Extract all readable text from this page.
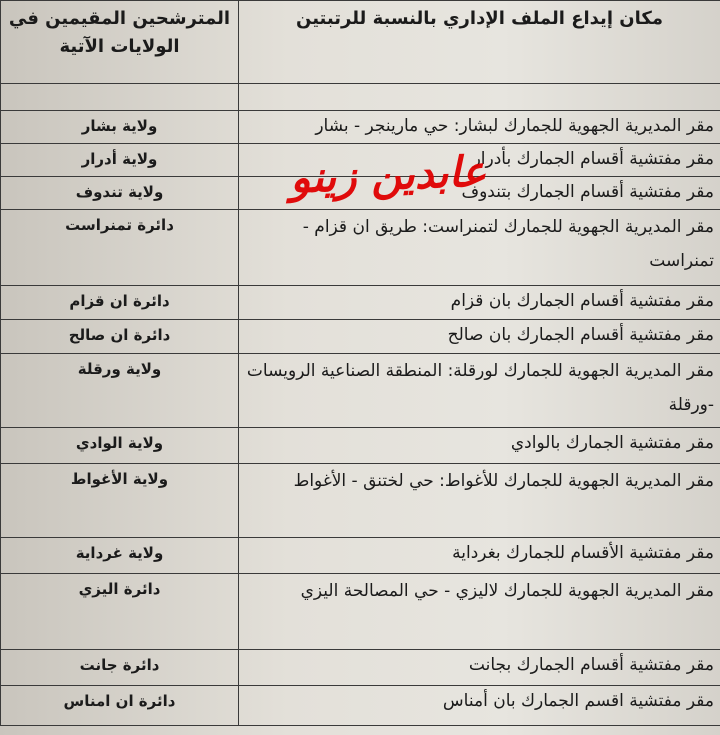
مكان إيداع الملف الإداري بالنسبة للرتبتين	المترشحين المقيمين في الولايات الآتية

مقر المديرية الجهوية للجمارك لبشار: حي مارينجر - بشار	ولاية بشار
مقر مفتشية أقسام الجمارك بأدرار	ولاية أدرار
مقر مفتشية أقسام الجمارك بتندوف	ولاية تندوف
مقر المديرية الجهوية للجمارك لتمنراست: طريق ان قزام - تمنراست	دائرة تمنراست
مقر مفتشية أقسام الجمارك بان قزام	دائرة ان قزام
مقر مفتشية أقسام الجمارك بان صالح	دائرة ان صالح
مقر المديرية الجهوية للجمارك لورقلة: المنطقة الصناعية الرويسات -ورقلة	ولاية ورقلة
مقر مفتشية الجمارك بالوادي	ولاية الوادي
مقر المديرية الجهوية للجمارك للأغواط: حي لختنق - الأغواط	ولاية الأغواط
مقر مفتشية الأقسام للجمارك بغرداية	ولاية غرداية
مقر المديرية الجهوية للجمارك لاليزي - حي المصالحة اليزي	دائرة اليزي
مقر مفتشية أقسام الجمارك بجانت	دائرة جانت
مقر مفتشية اقسم الجمارك بان أمناس	دائرة ان امناس
عابدين زينو
